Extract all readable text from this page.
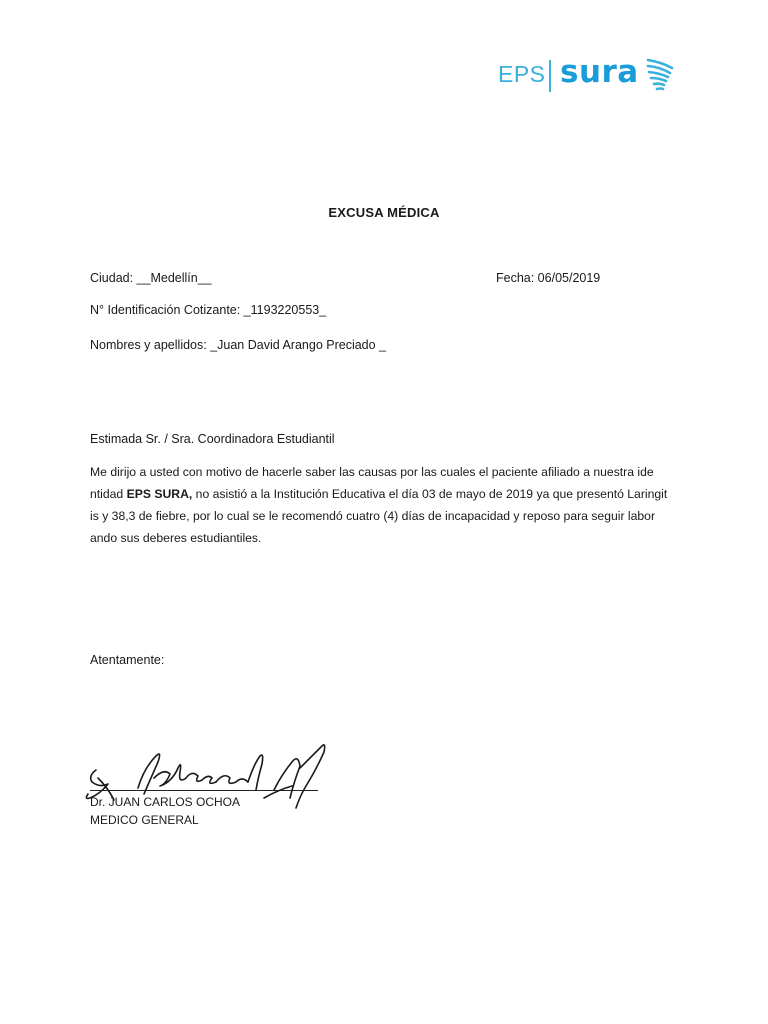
EPS sura
EXCUSA MÉDICA
Ciudad: __Medellín__	Fecha: 06/05/2019
N° Identificación Cotizante: _1193220553_
Nombres y apellidos: _Juan David Arango Preciado _
Estimada Sr. / Sra. Coordinadora Estudiantil
Me dirijo a usted con motivo de hacerle saber las causas por las cuales el paciente afiliado a nuestra ide
ntidad EPS SURA, no asistió a la Institución Educativa el día 03 de mayo de 2019 ya que presentó Laringit
is y 38,3 de fiebre, por lo cual se le recomendó cuatro (4) días de incapacidad y reposo para seguir labor
ando sus deberes estudiantiles.
Atentamente:
Dr. JUAN CARLOS OCHOA
MEDICO GENERAL
